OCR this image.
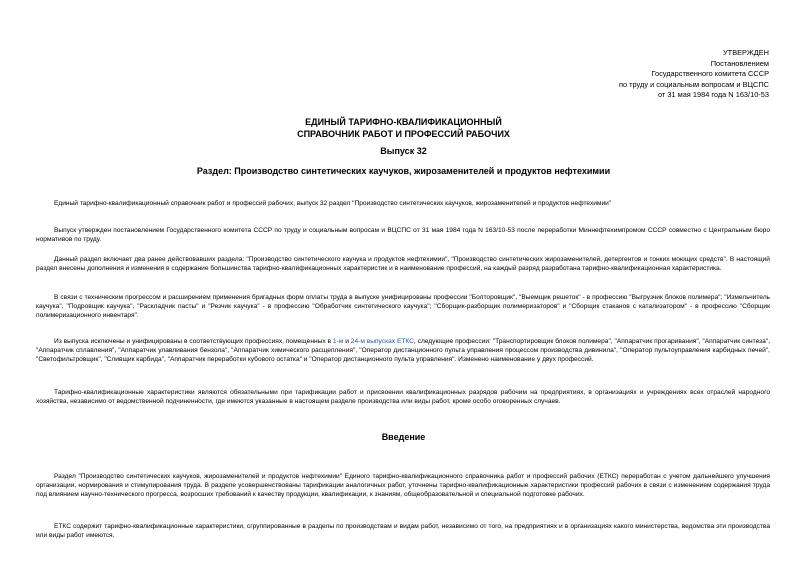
УТВЕРЖДЕН
Постановлением
Государственного комитета СССР
по труду и социальным вопросам и ВЦСПС
от 31 мая 1984 года N 163/10-53
ЕДИНЫЙ ТАРИФНО-КВАЛИФИКАЦИОННЫЙ
СПРАВОЧНИК РАБОТ И ПРОФЕССИЙ РАБОЧИХ
Выпуск 32
Раздел: Производство синтетических каучуков, жирозаменителей и продуктов нефтехимии

Единый тарифно-квалификационный справочник работ и профессий рабочих, выпуск 32 раздел "Производство синтетических каучуков, жирозаменителей и продуктов нефтехимии"

Выпуск утвержден постановлением Государственного комитета СССР по труду и социальным вопросам и ВЦСПС от 31 мая 1984 года N 163/10-53 после переработки Миннефтехимпромом СССР совместно с Центральным бюро нормативов по труду.

Данный раздел включает два ранее действовавших раздела: "Производство синтетического каучука и продуктов нефтехимии", "Производство синтетических жирозаменителей, детергентов и тонких моющих средств". В настоящий раздел внесены дополнения и изменения в содержание большинства тарифно-квалификационных характеристик и в наименование профессий, на каждый разряд разработана тарифно-квалификационная характеристика.

В связи с техническим прогрессом и расширением применения бригадных форм оплаты труда в выпуске унифицированы профессии "Болторовщик", "Выемщик решеток" - в профессию "Выгрузчик блоков полимера"; "Измельчитель каучука", "Подровщик каучука", "Раскладчик пасты" и "Резчик каучука" - в профессию "Обработчик синтетического каучука"; "Сборщик-разборщик полимеризаторов" и "Сборщик стаканов с катализатором" - в профессию "Сборщик полимеризационного инвентаря".

Из выпуска исключены и унифицированы в соответствующих профессиях, помещенных в 1-м и 24-м выпусках ЕТКС, следующие профессии: "Транспортировщик блоков полимера", "Аппаратчик прогаривания", "Аппаратчик синтеза", "Аппаратчик сплавления", "Аппаратчик улавливания бензола", "Аппаратчик химического расщепления", "Оператор дистанционного пульта управления процессом производства дивинила", "Оператор пультоуправления карбидных печей", "Светофильтровщик", "Сливщик карбида", "Аппаратчик переработки кубового остатка" и "Оператор дистанционного пульта управления". Изменено наименование у двух профессий.

Тарифно-квалификационные характеристики являются обязательными при тарификации работ и присвоении квалификационных разрядов рабочим на предприятиях, в организациях и учреждениях всех отраслей народного хозяйства, независимо от ведомственной подчиненности, где имеются указанные в настоящем разделе производства или виды работ, кроме особо оговоренных случаев.

Введение

Раздел "Производство синтетических каучуков, жирозаменителей и продуктов нефтехимии" Единого тарифно-квалификационного справочника работ и профессий рабочих (ЕТКС) переработан с учетом дальнейшего улучшения организации, нормирования и стимулирования труда. В разделе усовершенствованы тарификации аналогичных работ, уточнены тарифно-квалификационные характеристики профессий рабочих в связи с изменением содержания труда под влиянием научно-технического прогресса, возросших требований к качеству продукции, квалификации, к знаниям, общеобразовательной и специальной подготовке рабочих.

ЕТКС содержит тарифно-квалификационные характеристики, сгруппированные в разделы по производствам и видам работ, независимо от того, на предприятиях и в организациях какого министерства, ведомства эти производства или виды работ имеются.
